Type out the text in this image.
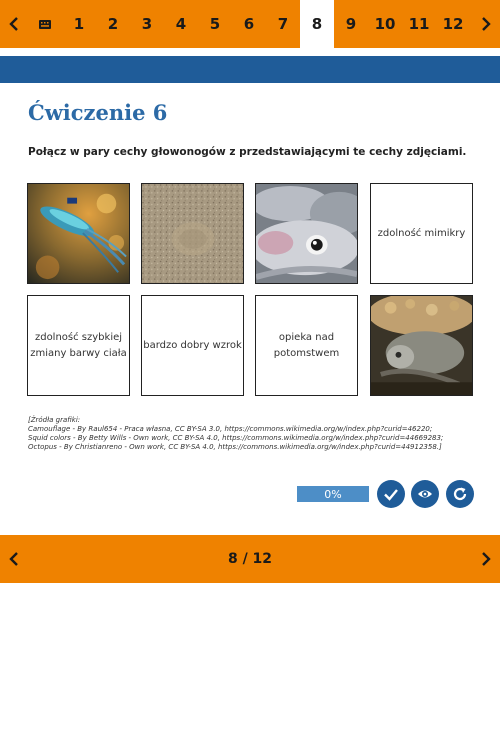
1	2	3	4	5	6	7	8	9	10 11 12
Ćwiczenie 6

Połącz w pary cechy głowonogów z przedstawiającymi te cechy zdjęciami.

zdolność mimikry
zdolność szybkiej zmiany barwy ciała
bardzo dobry wzrok
opieka nad potomstwem
[Źródła grafiki:
Camouflage - By Raul654 - Praca własna, CC BY-SA 3.0, https://commons.wikimedia.org/w/index.php?curid=46220;
Squid colors - By Betty Wills - Own work, CC BY-SA 4.0, https://commons.wikimedia.org/w/index.php?curid=44669283;
Octopus - By Christianreno - Own work, CC BY-SA 4.0, https://commons.wikimedia.org/w/index.php?curid=44912358.]
0%
8 / 12
